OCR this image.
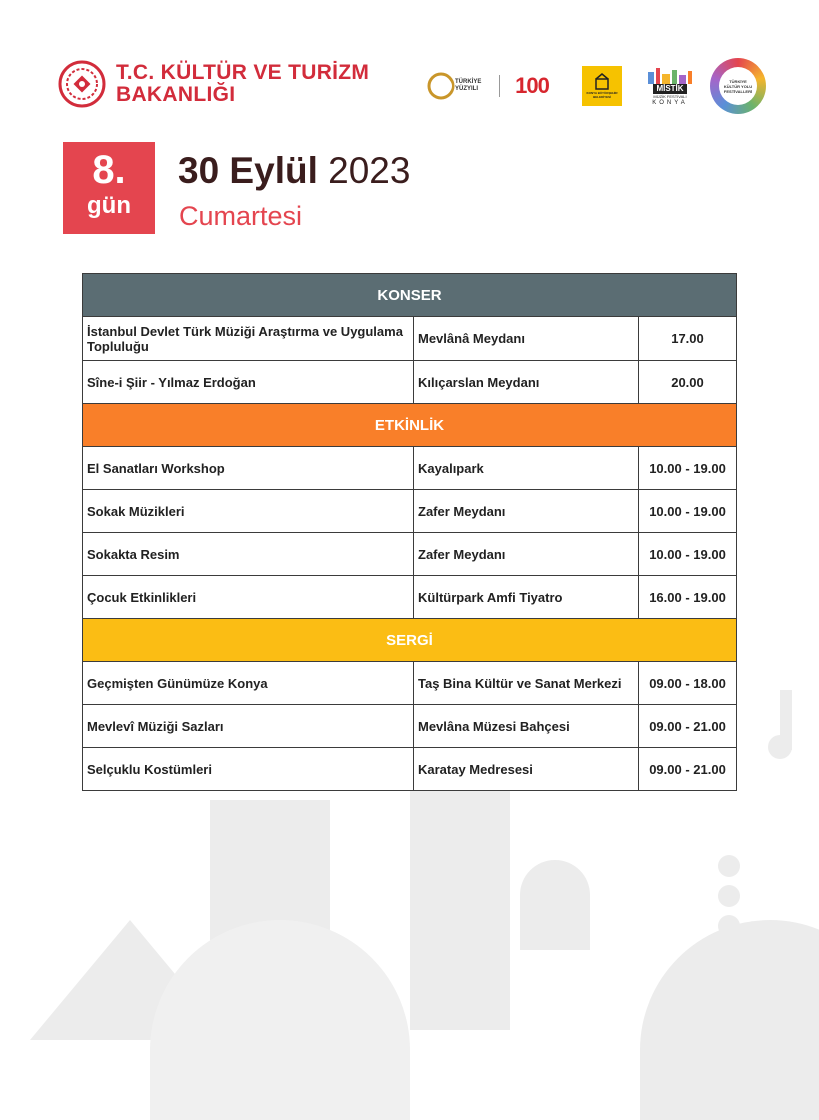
T.C. KÜLTÜR VE TURİZM
BAKANLIĞI
TÜRKİYE YÜZYILI	100	KONYA BÜYÜKŞEHİR BELEDİYESİ
MİSTİK
MÜZİK FESTİVALİ
KONYA
TÜRKİYE KÜLTÜR YOLU FESTİVALLERİ
8.
gün
30 Eylül 2023
Cumartesi
KONSER		
İstanbul Devlet Türk Müziği Araştırma ve Uygulama Topluluğu	Mevlânâ Meydanı	17.00
Sîne-i Şiir - Yılmaz Erdoğan	Kılıçarslan Meydanı	20.00
ETKİNLİK		
El Sanatları Workshop	Kayalıpark	10.00 - 19.00
Sokak Müzikleri	Zafer Meydanı	10.00 - 19.00
Sokakta Resim	Zafer Meydanı	10.00 - 19.00
Çocuk Etkinlikleri	Kültürpark Amfi Tiyatro	16.00 - 19.00
SERGİ		
Geçmişten Günümüze Konya	Taş Bina Kültür ve Sanat Merkezi	09.00 - 18.00
Mevlevî Müziği Sazları	Mevlâna Müzesi Bahçesi	09.00 - 21.00
Selçuklu Kostümleri	Karatay Medresesi	09.00 - 21.00
